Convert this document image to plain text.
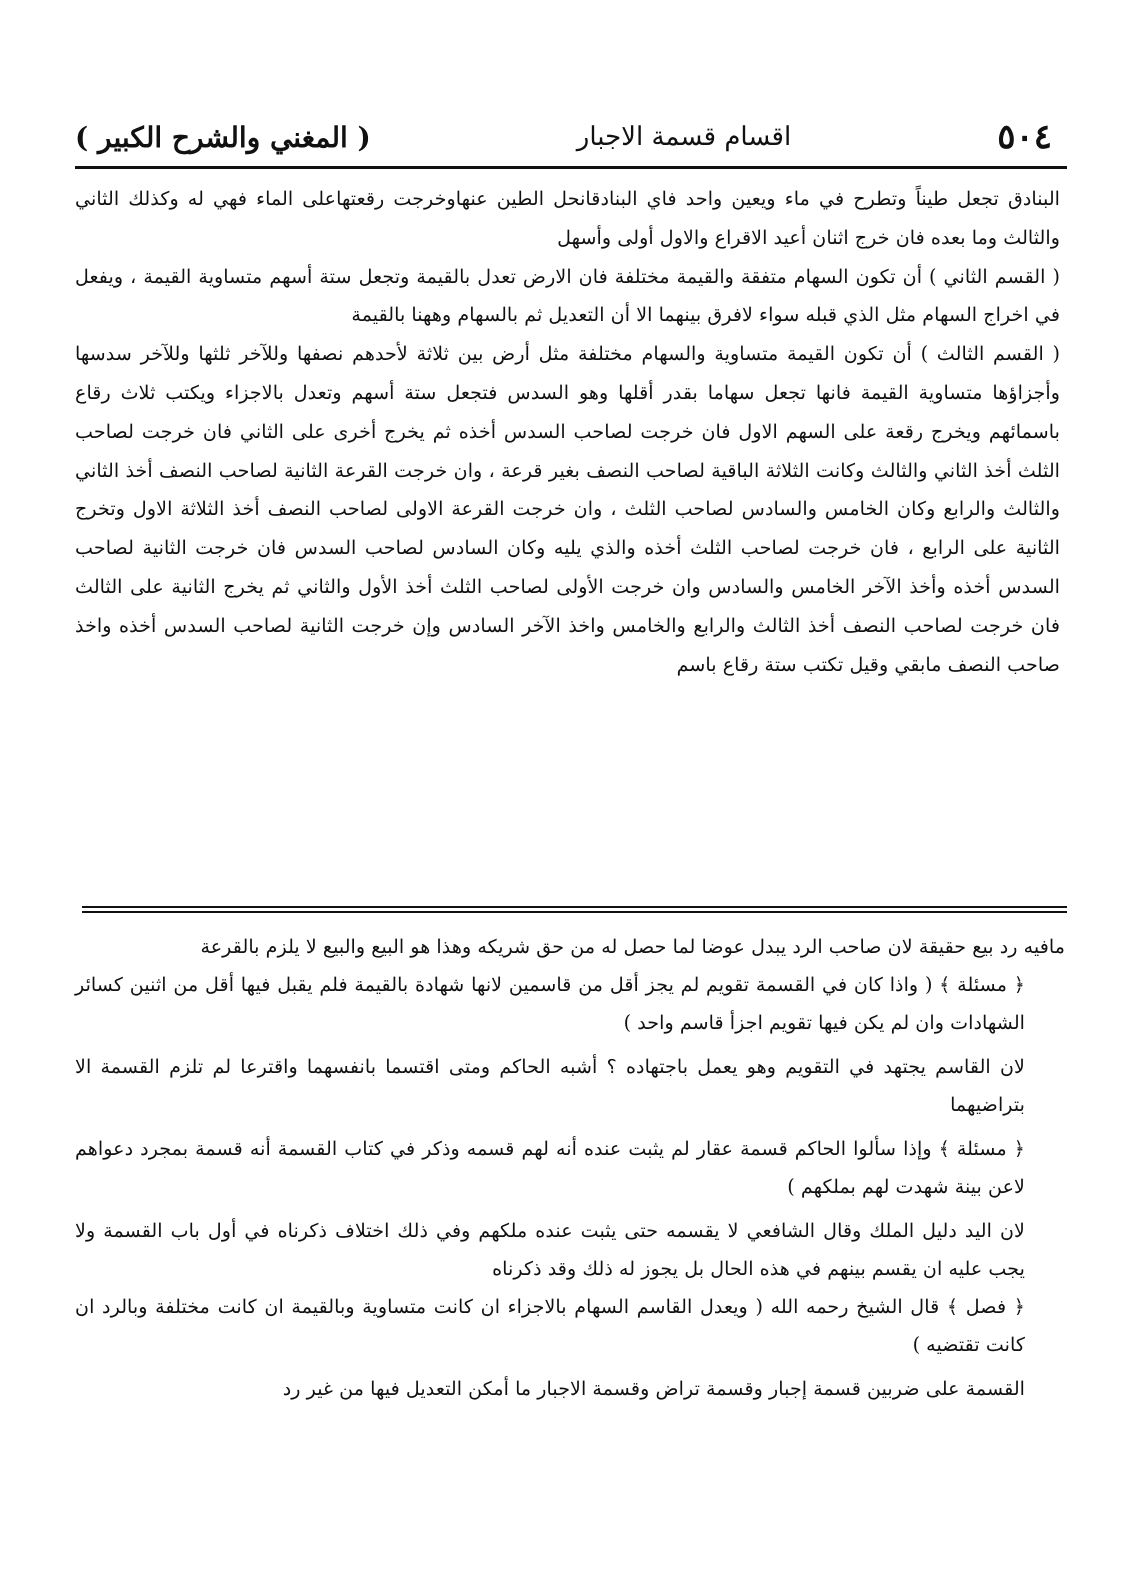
٥٠٤
اقسام قسمة الاجبار
( المغني والشرح الكبير )

البنادق تجعل طيناً وتطرح في ماء ويعين واحد فاي البنادقانحل الطين عنهاوخرجت رقعتهاعلى الماء فهي له وكذلك الثاني والثالث وما بعده فان خرج اثنان أعيد الاقراع والاول أولى وأسهل

( القسم الثاني ) أن تكون السهام متفقة والقيمة مختلفة فان الارض تعدل بالقيمة وتجعل ستة أسهم متساوية القيمة ، ويفعل في اخراج السهام مثل الذي قبله سواء لافرق بينهما الا أن التعديل ثم بالسهام وههنا بالقيمة

( القسم الثالث ) أن تكون القيمة متساوية والسهام مختلفة مثل أرض بين ثلاثة لأحدهم نصفها وللآخر ثلثها وللآخر سدسها وأجزاؤها متساوية القيمة فانها تجعل سهاما بقدر أقلها وهو السدس فتجعل ستة أسهم وتعدل بالاجزاء ويكتب ثلاث رقاع باسمائهم ويخرج رقعة على السهم الاول فان خرجت لصاحب السدس أخذه ثم يخرج أخرى على الثاني فان خرجت لصاحب الثلث أخذ الثاني والثالث وكانت الثلاثة الباقية لصاحب النصف بغير قرعة ، وان خرجت القرعة الثانية لصاحب النصف أخذ الثاني والثالث والرابع وكان الخامس والسادس لصاحب الثلث ، وان خرجت القرعة الاولى لصاحب النصف أخذ الثلاثة الاول وتخرج الثانية على الرابع ، فان خرجت لصاحب الثلث أخذه والذي يليه وكان السادس لصاحب السدس فان خرجت الثانية لصاحب السدس أخذه وأخذ الآخر الخامس والسادس وان خرجت الأولى لصاحب الثلث أخذ الأول والثاني ثم يخرج الثانية على الثالث فان خرجت لصاحب النصف أخذ الثالث والرابع والخامس واخذ الآخر السادس وإن خرجت الثانية لصاحب السدس أخذه واخذ صاحب النصف مابقي وقيل تكتب ستة رقاع باسم

مافيه رد بيع حقيقة لان صاحب الرد يبدل عوضا لما حصل له من حق شريكه وهذا هو البيع والبيع لا يلزم بالقرعة

﴿ مسئلة ﴾ ( واذا كان في القسمة تقويم لم يجز أقل من قاسمين لانها شهادة بالقيمة فلم يقبل فيها أقل من اثنين كسائر الشهادات وان لم يكن فيها تقويم اجزأ قاسم واحد )

لان القاسم يجتهد في التقويم وهو يعمل باجتهاده ؟ أشبه الحاكم ومتى اقتسما بانفسهما واقترعا لم تلزم القسمة الا بتراضيهما

﴿ مسئلة ﴾ وإذا سألوا الحاكم قسمة عقار لم يثبت عنده أنه لهم قسمه وذكر في كتاب القسمة أنه قسمة بمجرد دعواهم لاعن بينة شهدت لهم بملكهم )

لان اليد دليل الملك وقال الشافعي لا يقسمه حتى يثبت عنده ملكهم وفي ذلك اختلاف ذكرناه في أول باب القسمة ولا يجب عليه ان يقسم بينهم في هذه الحال بل يجوز له ذلك وقد ذكرناه

﴿ فصل ﴾ قال الشيخ رحمه الله ( ويعدل القاسم السهام بالاجزاء ان كانت متساوية وبالقيمة ان كانت مختلفة وبالرد ان كانت تقتضيه )

القسمة على ضربين قسمة إجبار وقسمة تراض وقسمة الاجبار ما أمكن التعديل فيها من غير رد
